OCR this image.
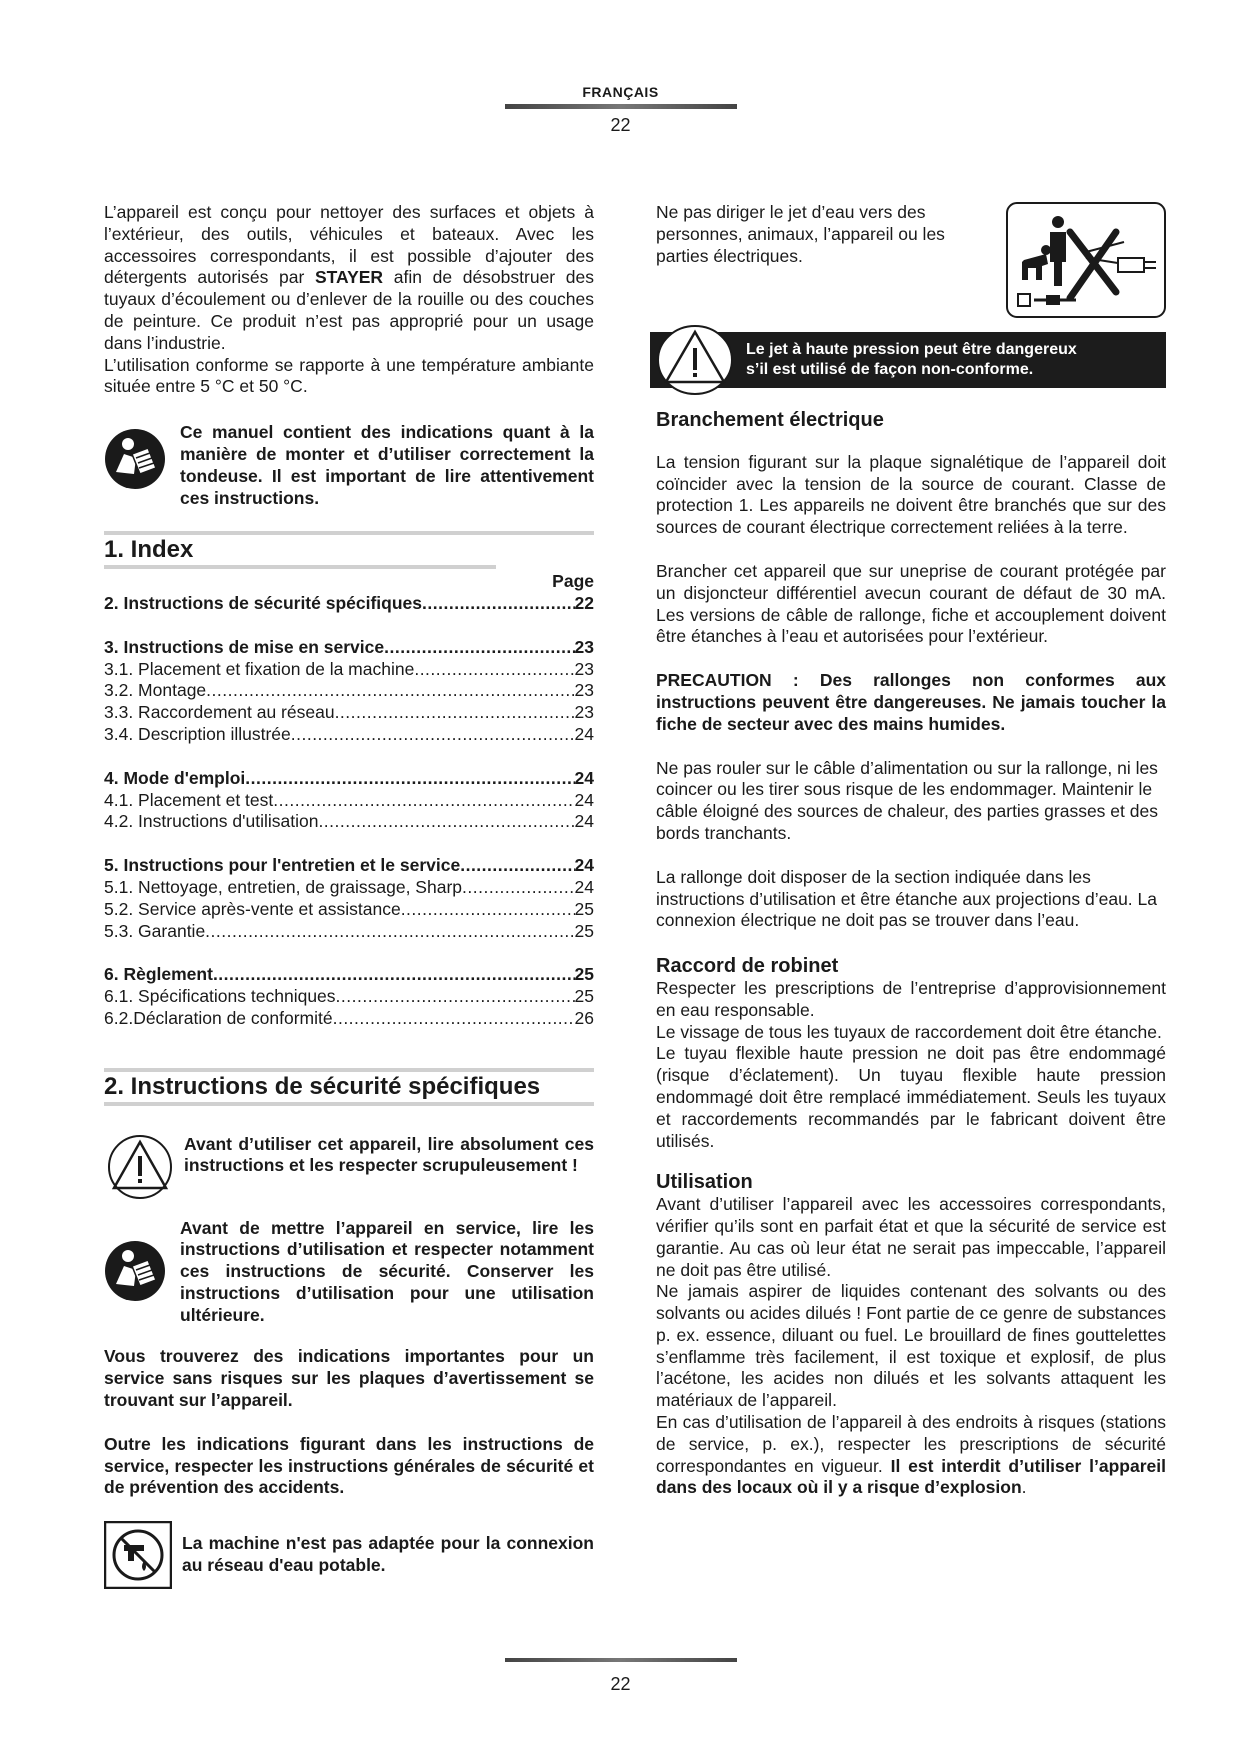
FRANÇAIS
22

L’appareil est conçu pour nettoyer des surfaces et objets à l’extérieur, des outils, véhicules et bateaux. Avec les accessoires correspondants, il est possible d’ajouter des détergents autorisés par STAYER afin de désobstruer des tuyaux d’écoulement ou d’enlever de la rouille ou des couches de peinture. Ce produit n’est pas approprié pour un usage dans l’industrie.

L’utilisation conforme se rapporte à une température ambiante située entre 5 °C et 50 °C.

Ce manuel contient des indications quant à la manière de monter et d’utiliser correctement la tondeuse. Il est important de lire attentivement ces instructions.
1. Index
Page
2. Instructions de sécurité spécifiques .....	22
3. Instructions de mise en service .....	23
3.1. Placement et fixation de la machine .....	23
3.2. Montage .....	23
3.3. Raccordement au réseau .....	23
3.4. Description illustrée .....	24
4. Mode d'emploi .....	24
4.1. Placement et test .....	24
4.2. Instructions d'utilisation .....	24
5. Instructions pour l'entretien et le service .....	24
5.1. Nettoyage, entretien, de graissage, Sharp .....	24
5.2. Service après-vente et assistance .....	25
5.3. Garantie .....	25
6. Règlement .....	25
6.1. Spécifications techniques .....	25
6.2.Déclaration de conformité .....	26
2. Instructions de sécurité spécifiques
Avant d’utiliser cet appareil, lire absolument ces instructions et les respecter scrupuleusement !
Avant de mettre l’appareil en service, lire les instructions d’utilisation et respecter notamment ces instructions de sécurité. Conserver les instructions d’utilisation pour une utilisation ultérieure.

Vous trouverez des indications importantes pour un service sans risques sur les plaques d’avertissement se trouvant sur l’appareil.

Outre les indications figurant dans les instructions de service, respecter les instructions générales de sécurité et de prévention des accidents.

La machine n'est pas adaptée pour la connexion au réseau d'eau potable.

Ne pas diriger le jet d’eau vers des personnes, animaux, l’appareil ou les parties électriques.

Le jet à haute pression peut être dangereux
s’il est utilisé de façon non-conforme.
Branchement électrique

La tension figurant sur la plaque signalétique de l’appareil doit coïncider avec la tension de la source de courant. Classe de protection 1. Les appareils ne doivent être branchés que sur des sources de courant électrique correctement reliées à la terre.

Brancher cet appareil que sur uneprise de courant protégée par un disjoncteur différentiel avecun courant de défaut de 30 mA. Les versions de câble de rallonge, fiche et accouplement doivent être étanches à l’eau et autorisées pour l’extérieur.

PRECAUTION : Des rallonges non conformes aux instructions peuvent être dangereuses. Ne jamais toucher la fiche de secteur avec des mains humides.

Ne pas rouler sur le câble d’alimentation ou sur la rallonge, ni les coincer ou les tirer sous risque de les endommager. Maintenir le câble éloigné des sources de chaleur, des parties grasses et des bords tranchants.

La rallonge doit disposer de la section indiquée dans les instructions d’utilisation et être étanche aux projections d’eau. La connexion électrique ne doit pas se trouver dans l’eau.

Raccord de robinet

Respecter les prescriptions de l’entreprise d’approvisionnement en eau responsable.

Le vissage de tous les tuyaux de raccordement doit être étanche.

Le tuyau flexible haute pression ne doit pas être endommagé (risque d’éclatement). Un tuyau flexible haute pression endommagé doit être remplacé immédiatement. Seuls les tuyaux et raccordements recommandés par le fabricant doivent être utilisés.

Utilisation

Avant d’utiliser l’appareil avec les accessoires correspondants, vérifier qu’ils sont en parfait état et que la sécurité de service est garantie. Au cas où leur état ne serait pas impeccable, l’appareil ne doit pas être utilisé.

Ne jamais aspirer de liquides contenant des solvants ou des solvants ou acides dilués ! Font partie de ce genre de substances p. ex. essence, diluant ou fuel. Le brouillard de fines gouttelettes s’enflamme très facilement, il est toxique et explosif, de plus l’acétone, les acides non dilués et les solvants attaquent les matériaux de l’appareil.

En cas d’utilisation de l’appareil à des endroits à risques (stations de service, p. ex.), respecter les prescriptions de sécurité correspondantes en vigueur. Il est interdit d’utiliser l’appareil dans des locaux où il y a risque d’explosion.

22
